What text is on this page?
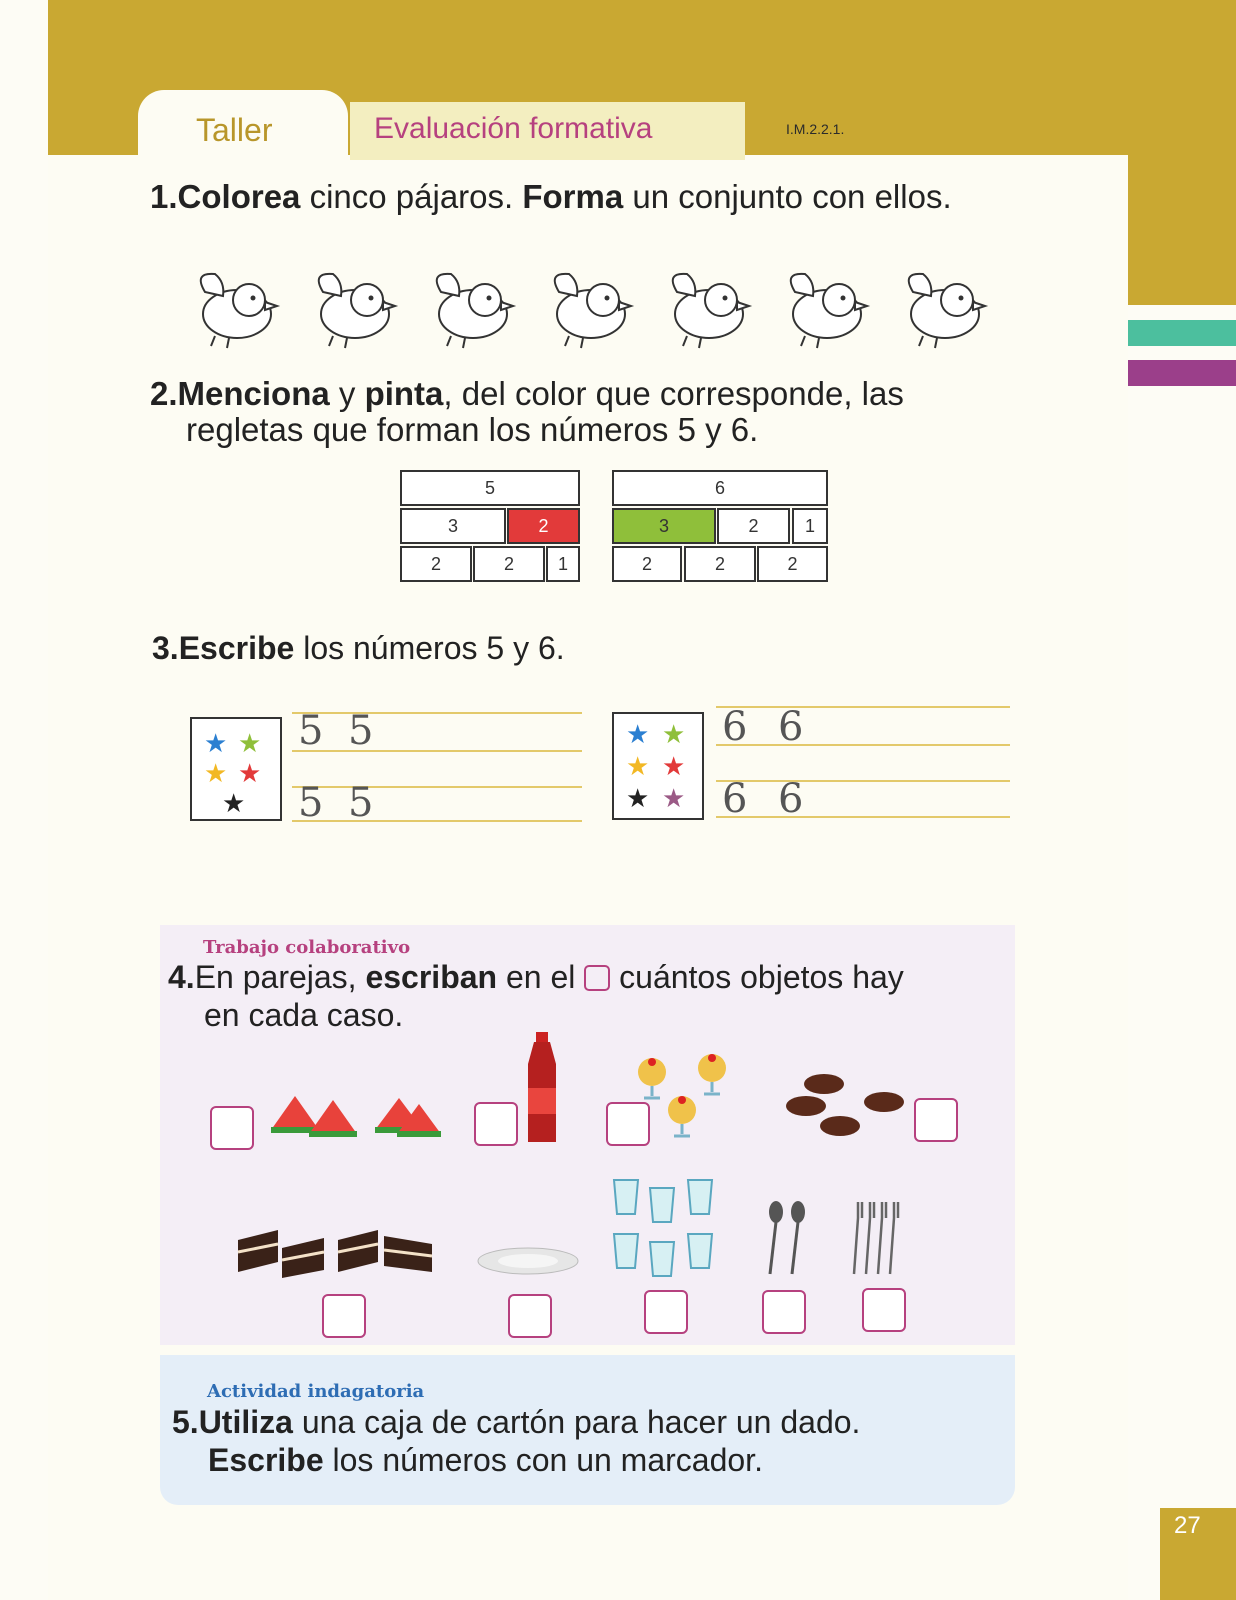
Taller	Evaluación formativa	I.M.2.2.1.
1.Colorea cinco pájaros. Forma un conjunto con ellos.
2.Menciona y pinta, del color que corresponde, las
regletas que forman los números 5 y 6.
5
3	2
2	2	1
6
3	2	1
2	2	2
3.Escribe los números 5 y 6.
★ ★
★ ★
★
5 5
5 5
★ ★
★ ★
★ ★
6 6
6 6
Trabajo colaborativo
4.En parejas, escriban en el  cuántos objetos hay
en cada caso.
Actividad indagatoria
5.Utiliza una caja de cartón para hacer un dado.
Escribe los números con un marcador.
27
